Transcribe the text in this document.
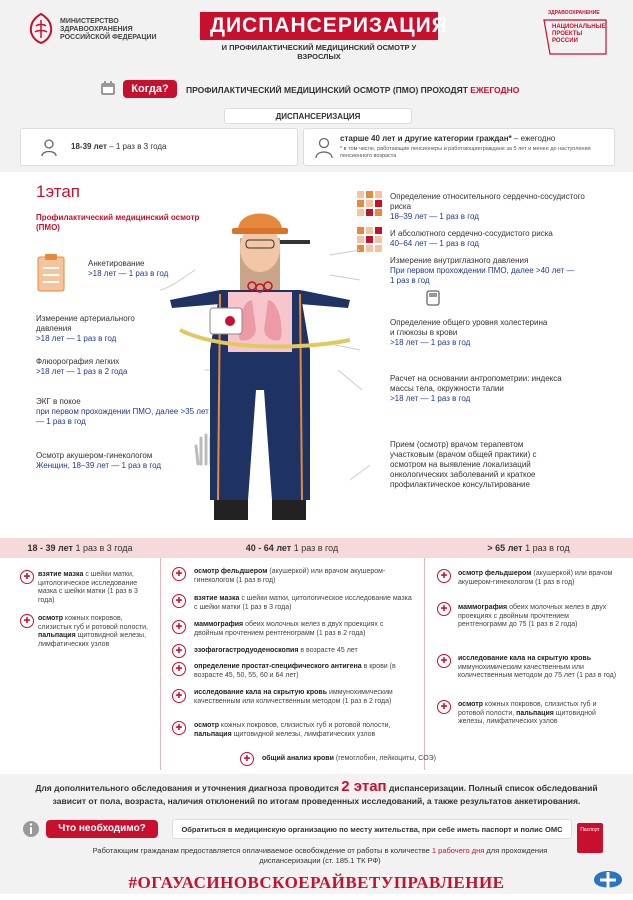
МИНИСТЕРСТВО
ЗДРАВООХРАНЕНИЯ
РОССИЙСКОЙ ФЕДЕРАЦИИ
ДИСПАНСЕРИЗАЦИЯ
И ПРОФИЛАКТИЧЕСКИЙ МЕДИЦИНСКИЙ ОСМОТР У ВЗРОСЛЫХ
ЗДРАВООХРАНЕНИЕ
НАЦИОНАЛЬНЫЕ
ПРОЕКТЫ
РОССИИ
Когда?	ПРОФИЛАКТИЧЕСКИЙ МЕДИЦИНСКИЙ ОСМОТР (ПМО) ПРОХОДЯТ ЕЖЕГОДНО
ДИСПАНСЕРИЗАЦИЯ
18-39 лет – 1 раз в 3 года
старше 40 лет и другие категории граждан* – ежегодно
* в том числе, работающие пенсионеры и работающиеграждане за 5 лет и менее до наступления пенсионного возраста
1этап
Профилактический медицинский осмотр (ПМО)
Анкетирование
>18 лет — 1 раз в год
Измерение артериального давления
>18 лет — 1 раз в год
Флюорография легких
>18 лет — 1 раз в 2 года
ЭКГ в покое
при первом прохождении ПМО, далее >35 лет — 1 раз в год
Осмотр акушером-гинекологом
Женщин, 18–39 лет — 1 раз в год
Определение относительного сердечно-сосудистого риска
18–39 лет — 1 раз в год
И абсолютного сердечно-сосудистого риска
40–64 лет — 1 раз в год
Измерение внутриглазного давления
При первом прохождении ПМО, далее >40 лет — 1 раз в год
Определение общего уровня холестерина и глюкозы в крови
>18 лет — 1 раз в год
Расчет на основании антропометрии: индекса массы тела, окружности талии
>18 лет — 1 раз в год
Прием (осмотр) врачом терапевтом участковым (врачом общей практики) с осмотром на выявление локализаций онкологических заболеваний и краткое профилактическое консультирование
18 - 39 лет 1 раз в 3 года	40 - 64 лет 1 раз в год	> 65 лет 1 раз в год
✚	взятие мазка с шейки матки, цитологическое исследование мазка с шейки матки (1 раз в 3 года)
✚	осмотр кожных покровов, слизистых губ и ротовой полости, пальпация щитовидной железы, лимфатических узлов
✚	осмотр фельдшером (акушеркой) или врачом акушером-гинекологом (1 раз в год)
✚	взятие мазка с шейки матки, цитологическое исследование мазка с шейки матки (1 раз в 3 года)
✚	маммография обеих молочных желез в двух проекциях с двойным прочтением рентгенограмм (1 раз в 2 года)
✚	эзофагогастродуоденоскопия в возрасте 45 лет
✚	определение простат-специфического антигена в крови (в возрасте 45, 50, 55, 60 и 64 лет)
✚	исследование кала на скрытую кровь иммунохимическим качественным или количественным методом (1 раз в 2 года)
✚	осмотр кожных покровов, слизистых губ и ротовой полости, пальпация щитовидной железы, лимфатических узлов
✚	общий анализ крови (гемоглобин, лейкоциты, СОЭ)
✚	осмотр фельдшером (акушеркой) или врачом акушером-гинекологом (1 раз в год)
✚	маммография обеих молочных желез в двух проекциях с двойным прочтением рентгенограмм до 75 (1 раз в 2 года)
✚	исследование кала на скрытую кровь иммунохимическим качественным или количественным методом до 75 лет (1 раз в год)
✚	осмотр кожных покровов, слизистых губ и ротовой полости, пальпация щитовидной железы, лимфатических узлов
Для дополнительного обследования и уточнения диагноза проводится 2 этап диспансеризации. Полный список обследований зависит от пола, возраста, наличия отклонений по итогам проведенных исследований, а также результатов анкетирования.
Что необходимо?	Обратиться в медицинскую организацию по месту жительства, при себе иметь паспорт и полис ОМС	Паспорт
Работающим гражданам предоставляется оплачиваемое освобождение от работы в количестве 1 рабочего дня для прохождения диспансеризации (ст. 185.1 ТК РФ)
#ОГАУАСИНОВСКОЕРАЙВЕТУПРАВЛЕНИЕ
